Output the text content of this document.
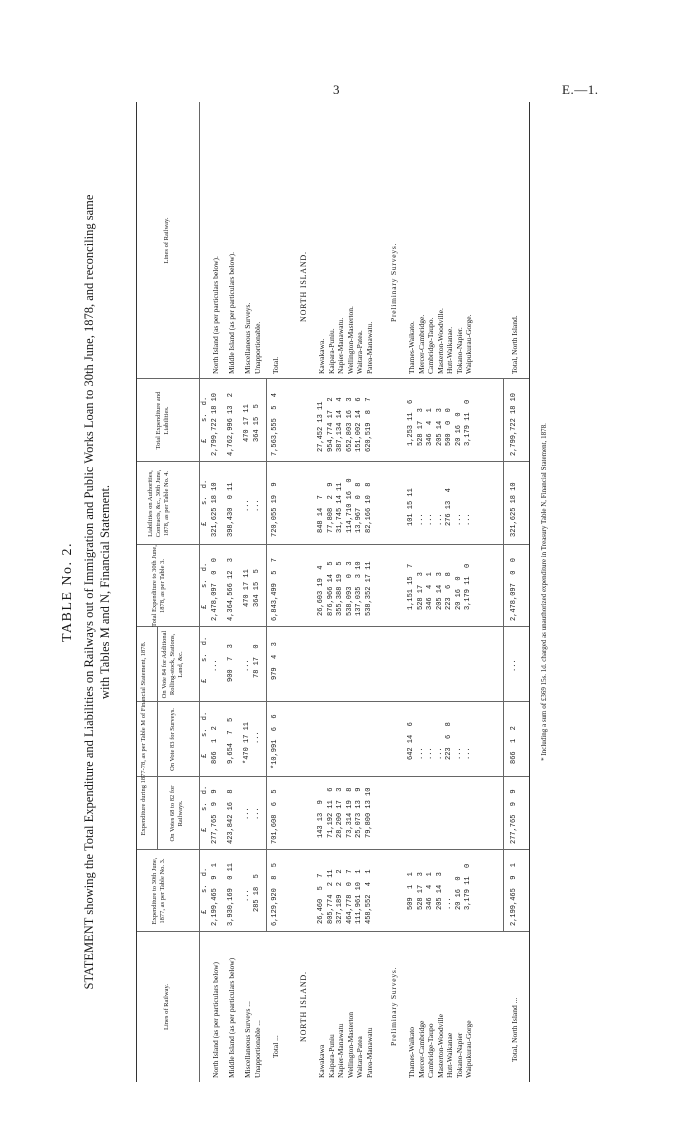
3	E.—1.
TABLE No. 2. STATEMENT showing the Total Expenditure and Liabilities on Railways out of Immigration and Public Works Loan to 30th June, 1878, and reconciling same with Tables M and N, Financial Statement.
Lines of Railway.
Expenditure to 30th June, 1877, as per Table No. 3.
Expenditure during 1877-78, as per Table M of Financial Statement, 1878.	On Votes 68 to 82 for Railways.
On Vote 83 for Surveys.
On Vote 84 for Additional Rolling-stock, Stations, Land, &c.
Total Expenditure to 30th June, 1878, as per Table 3.
Liabilities on Authorities, Contracts, &c., 30th June, 1878, as per Table No. 4.
Total Expenditure and Liabilities.
Lines of Railway.
£    s.  d.
£    s.  d.
£    s.  d.
£    s.  d.
£    s.  d.
£    s.  d.
£    s.  d.
North Island (as per particulars below)
2,199,465  9  1
277,765  9  9
866  1  2
...
2,478,097  0  0
321,625 18 10
2,799,722 18 10
North Island (as per particulars below).
Middle Island (as per particulars below)
3,930,169  0 11
423,842 16  8
9,654  7  5
900  7  3
4,364,566 12  3
398,430  0 11
4,762,996 13  2
Middle Island (as per particulars below).
Miscellaneous Surveys ...
...
...
*470 17 11
...
470 17 11
...
470 17 11
Miscellaneous Surveys.
Unapportionable ...
285 18  5
...
...
78 17  0
364 15  5
...
364 15  5
Unapportionable.
Total ...
6,129,920  8  5
701,608  6  5
*10,991  6  6
979  4  3
6,843,499  5  7
720,055 19  9
7,563,555  5  4
Total.
NORTH ISLAND.
NORTH ISLAND.
Kawakawa
26,460  5  7
143 13  9
26,603 19  4
848 14  7
27,452 13 11
Kawakawa.
Kaipara-Puniu
805,774  2 11
71,192 11  6
876,966 14  5
77,808  2  9
954,774 17  2
Kaipara-Puniu.
Napier-Manawatu
327,189  2  2
28,200 17  3
355,388 19  5
31,745 14 11
387,134 14  4
Napier-Manawatu.
Wellington-Masterton
464,778  0  7
73,314 19  8
538,093  0  3
114,710 16  0
652,803 16  3
Wellington-Masterton.
Waitara-Patea
111,961 10  1
25,073 13  9
137,035  3 10
13,967  0  8
151,002 14  6
Waitara-Patea.
Patea-Manawatu
458,552  4  1
79,800 13 10
538,352 17 11
82,166 10  8
620,519  8  7
Patea-Manawatu.
Preliminary Surveys.
Preliminary Surveys.
Thames-Waikato
509  1  1
642 14  6
1,151 15  7
101 15 11
1,253 11  6
Thames-Waikato.
Mercer-Cambridge
528 17  3
...
528 17  3
...
528 17  3
Mercer-Cambridge.
Cambridge-Taupo
346  4  1
...
346  4  1
...
346  4  1
Cambridge-Taupo.
Masterton-Woodville
205 14  3
...
205 14  3
...
205 14  3
Masterton-Woodville.
Hutt-Waikanae
...
223  6  8
223  6  8
276 13  4
500  0  0
Hutt-Waikanae.
Tokano-Napier
20 16  0
...
20 16  0
...
20 16  0
Tokano-Napier.
Waipukurau-Gorge
3,179 11  0
...
3,179 11  0
...
3,179 11  0
Waipukurau-Gorge.
Total, North Island ...
2,199,465  9  1
277,765  9  9
866  1  2
...
2,478,097  0  0
321,625 18 10
2,799,722 18 10
Total, North Island.
* Including a sum of £369 15s. 1d. charged as unauthorized expenditure in Treasury Table N, Financial Statement, 1878.
